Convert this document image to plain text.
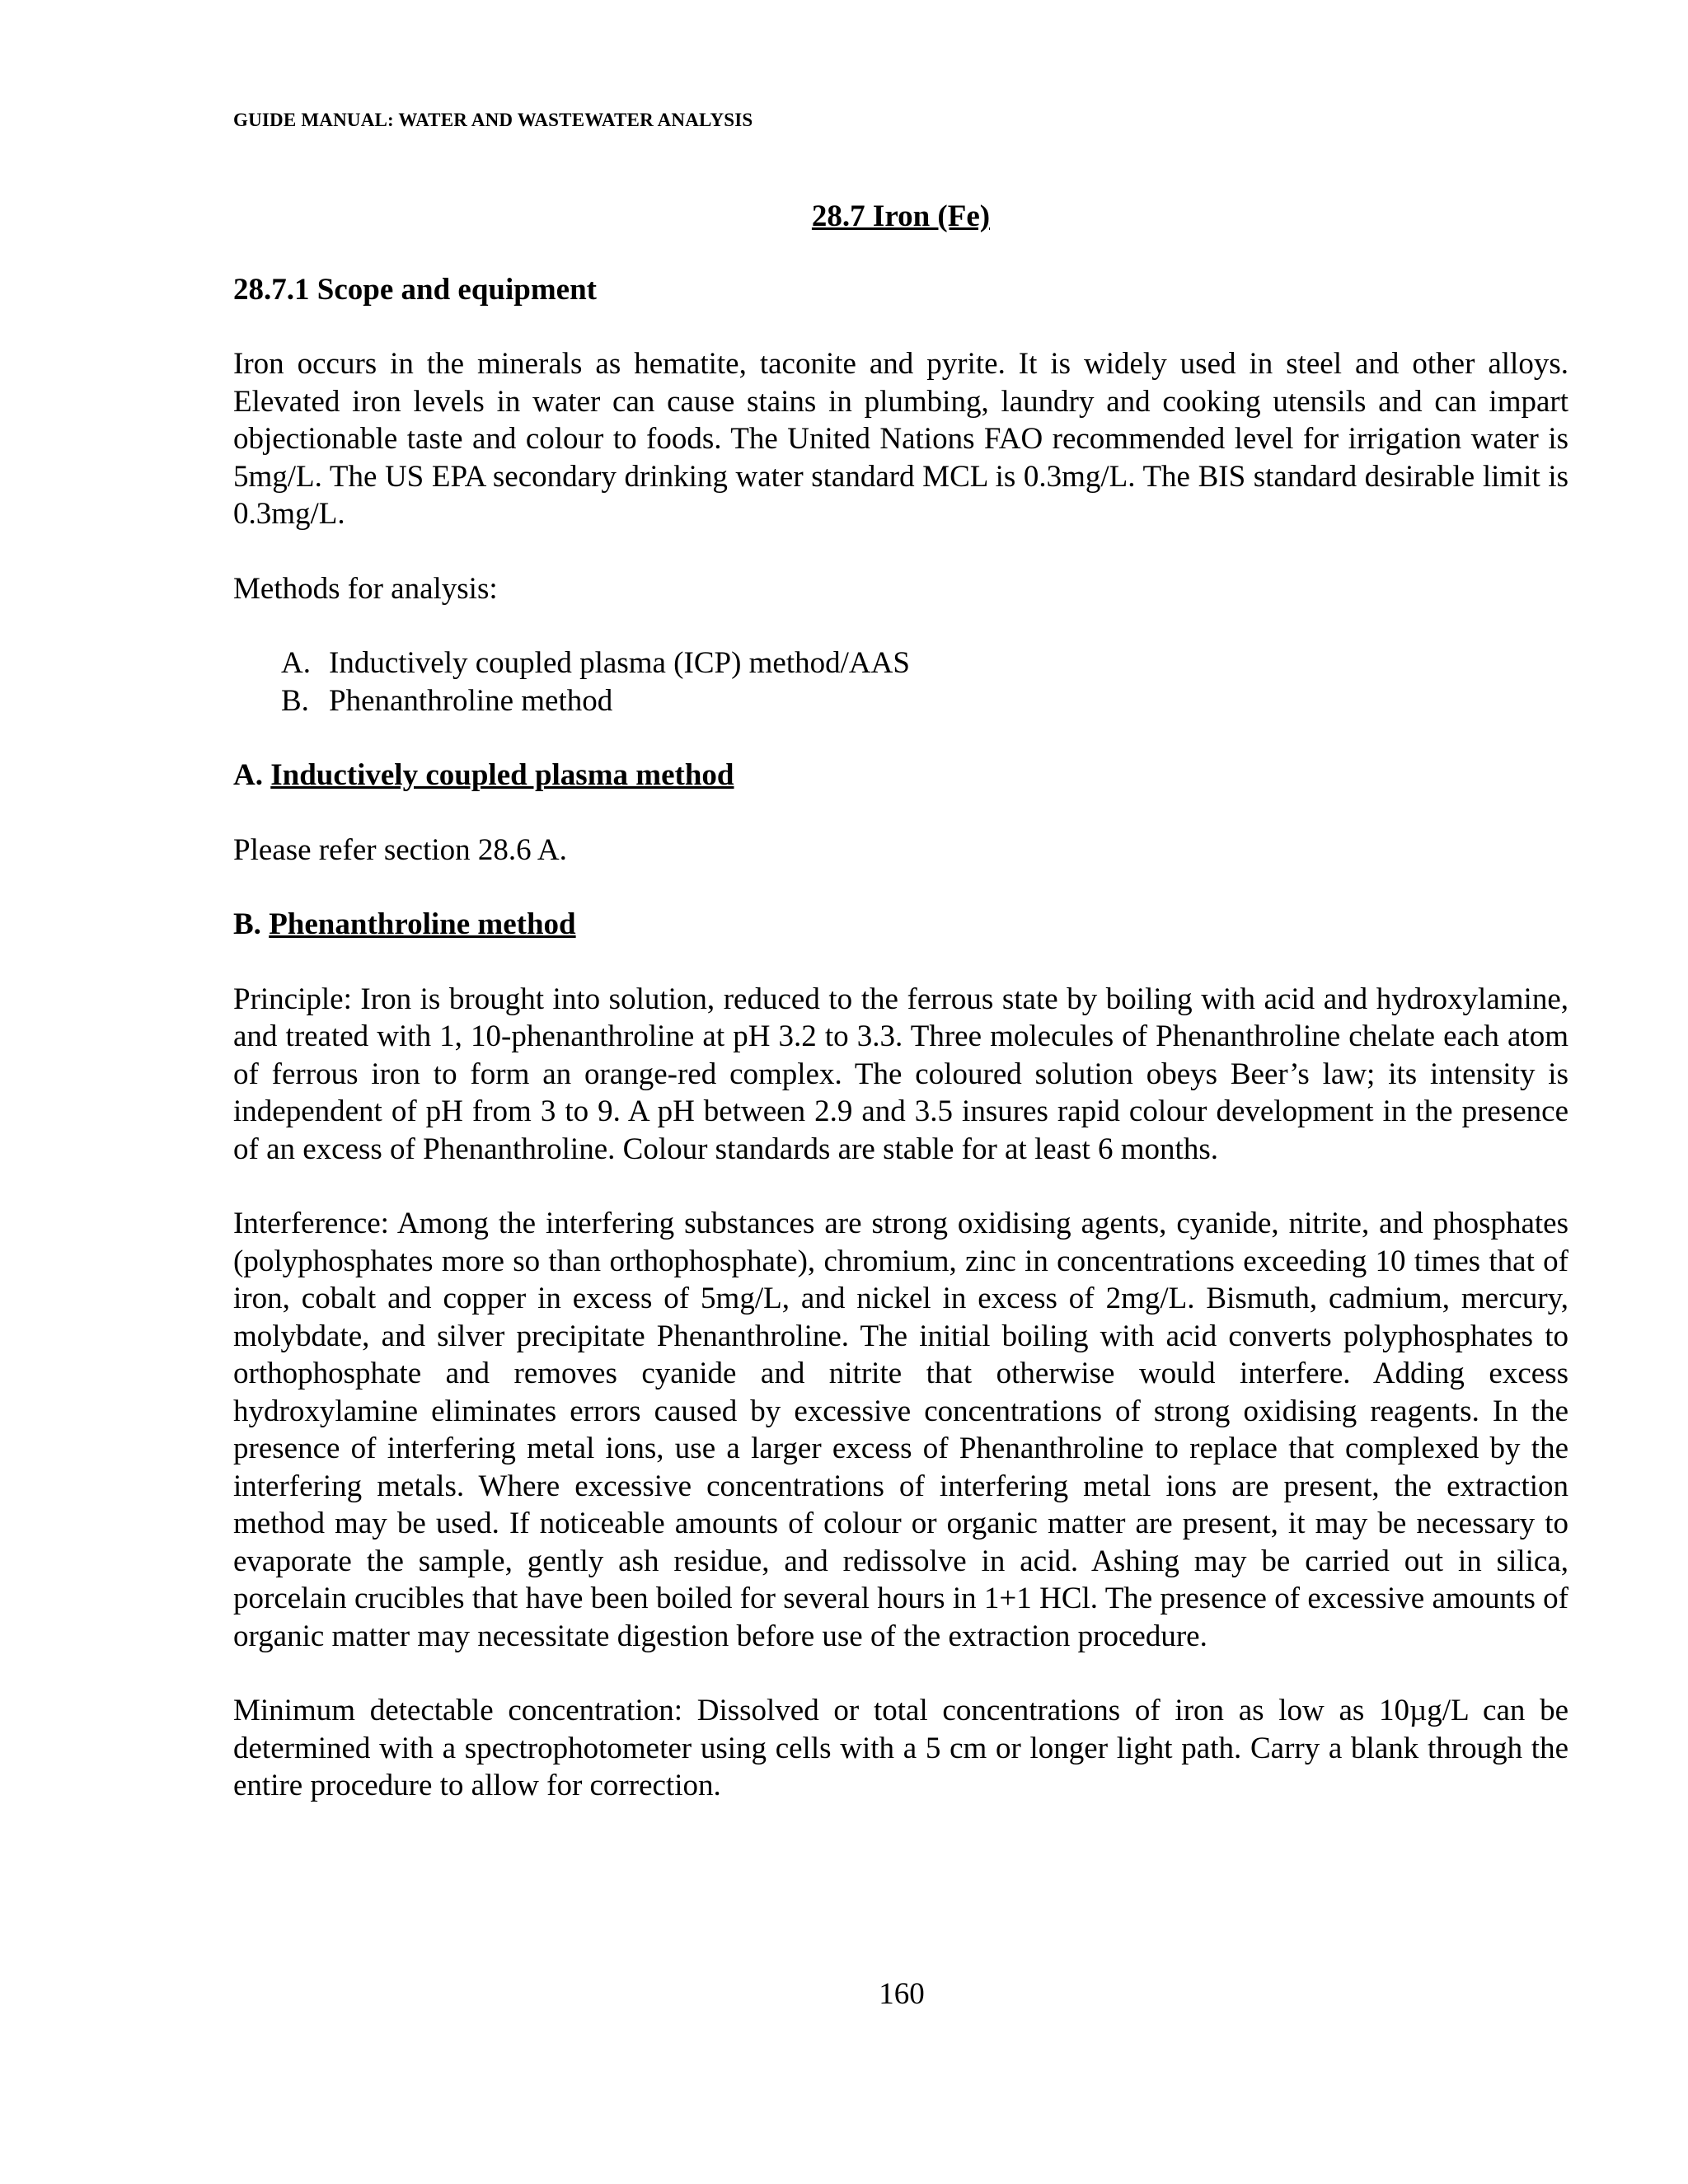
GUIDE MANUAL: WATER AND WASTEWATER ANALYSIS
28.7 Iron (Fe)
28.7.1 Scope and equipment

Iron occurs in the minerals as hematite, taconite and pyrite. It is widely used in steel and other alloys. Elevated iron levels in water can cause stains in plumbing, laundry and cooking utensils and can impart objectionable taste and colour to foods. The United Nations FAO recommended level for irrigation water is 5mg/L. The US EPA secondary drinking water standard MCL is 0.3mg/L. The BIS standard desirable limit is 0.3mg/L.

Methods for analysis:

A. Inductively coupled plasma (ICP) method/AAS
B. Phenanthroline method
A. Inductively coupled plasma method

Please refer section 28.6 A.

B. Phenanthroline method

Principle: Iron is brought into solution, reduced to the ferrous state by boiling with acid and hydroxylamine, and treated with 1, 10-phenanthroline at pH 3.2 to 3.3. Three molecules of Phenanthroline chelate each atom of ferrous iron to form an orange-red complex. The coloured solution obeys Beer’s law; its intensity is independent of pH from 3 to 9. A pH between 2.9 and 3.5 insures rapid colour development in the presence of an excess of Phenanthroline. Colour standards are stable for at least 6 months.

Interference: Among the interfering substances are strong oxidising agents, cyanide, nitrite, and phosphates (polyphosphates more so than orthophosphate), chromium, zinc in concentrations exceeding 10 times that of iron, cobalt and copper in excess of 5mg/L, and nickel in excess of 2mg/L. Bismuth, cadmium, mercury, molybdate, and silver precipitate Phenanthroline. The initial boiling with acid converts polyphosphates to orthophosphate and removes cyanide and nitrite that otherwise would interfere. Adding excess hydroxylamine eliminates errors caused by excessive concentrations of strong oxidising reagents. In the presence of interfering metal ions, use a larger excess of Phenanthroline to replace that complexed by the interfering metals. Where excessive concentrations of interfering metal ions are present, the extraction method may be used. If noticeable amounts of colour or organic matter are present, it may be necessary to evaporate the sample, gently ash residue, and redissolve in acid. Ashing may be carried out in silica, porcelain crucibles that have been boiled for several hours in 1+1 HCl. The presence of excessive amounts of organic matter may necessitate digestion before use of the extraction procedure.

Minimum detectable concentration: Dissolved or total concentrations of iron as low as 10µg/L can be determined with a spectrophotometer using cells with a 5 cm or longer light path. Carry a blank through the entire procedure to allow for correction.

160
